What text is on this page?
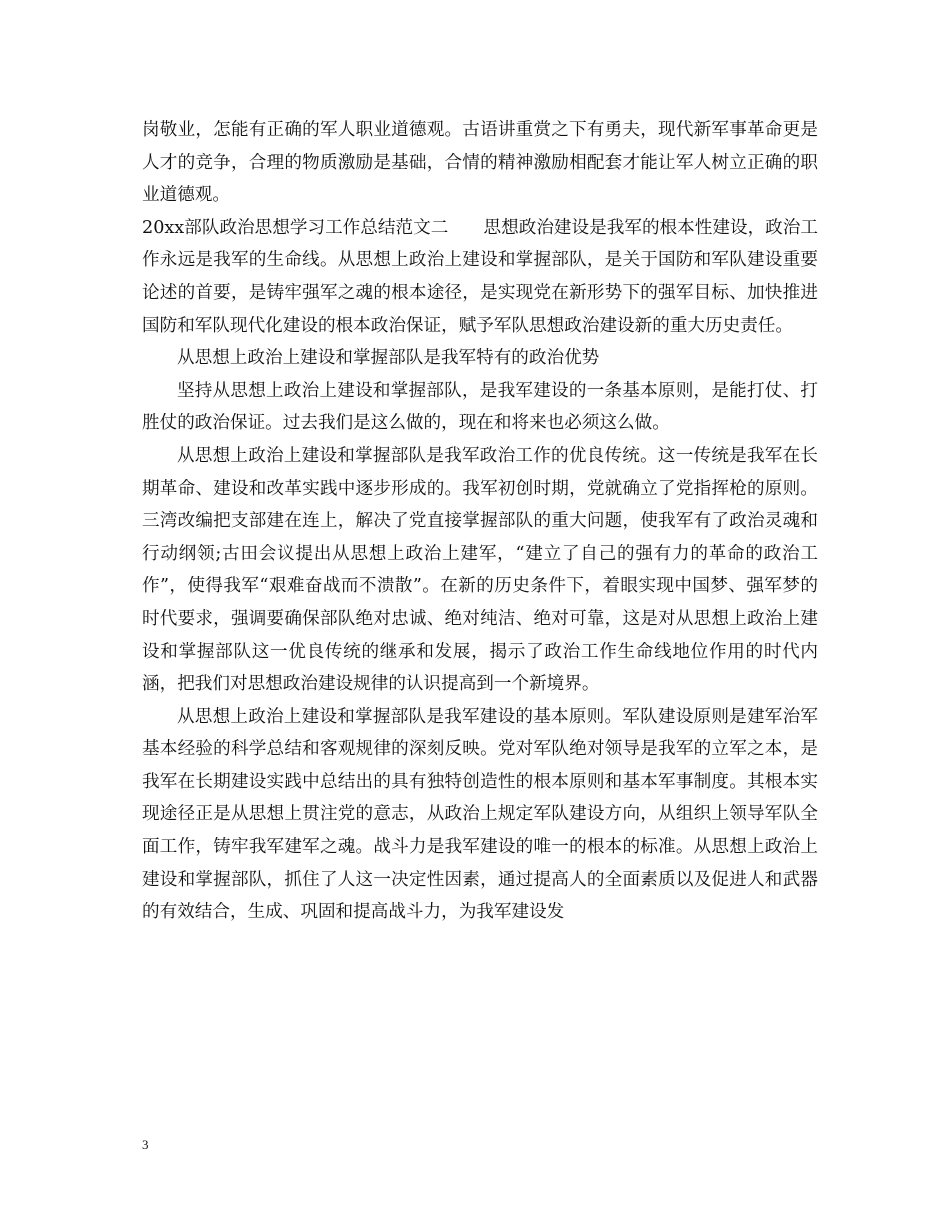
岗敬业，怎能有正确的军人职业道德观。古语讲重赏之下有勇夫，现代新军事革命更是人才的竞争，合理的物质激励是基础，合情的精神激励相配套才能让军人树立正确的职业道德观。

20xx部队政治思想学习工作总结范文二　　思想政治建设是我军的根本性建设，政治工作永远是我军的生命线。从思想上政治上建设和掌握部队，是关于国防和军队建设重要论述的首要，是铸牢强军之魂的根本途径，是实现党在新形势下的强军目标、加快推进国防和军队现代化建设的根本政治保证，赋予军队思想政治建设新的重大历史责任。

从思想上政治上建设和掌握部队是我军特有的政治优势

坚持从思想上政治上建设和掌握部队，是我军建设的一条基本原则，是能打仗、打胜仗的政治保证。过去我们是这么做的，现在和将来也必须这么做。

从思想上政治上建设和掌握部队是我军政治工作的优良传统。这一传统是我军在长期革命、建设和改革实践中逐步形成的。我军初创时期，党就确立了党指挥枪的原则。三湾改编把支部建在连上，解决了党直接掌握部队的重大问题，使我军有了政治灵魂和行动纲领;古田会议提出从思想上政治上建军，“建立了自己的强有力的革命的政治工作”，使得我军“艰难奋战而不溃散”。在新的历史条件下，着眼实现中国梦、强军梦的时代要求，强调要确保部队绝对忠诚、绝对纯洁、绝对可靠，这是对从思想上政治上建设和掌握部队这一优良传统的继承和发展，揭示了政治工作生命线地位作用的时代内涵，把我们对思想政治建设规律的认识提高到一个新境界。

从思想上政治上建设和掌握部队是我军建设的基本原则。军队建设原则是建军治军基本经验的科学总结和客观规律的深刻反映。党对军队绝对领导是我军的立军之本，是我军在长期建设实践中总结出的具有独特创造性的根本原则和基本军事制度。其根本实现途径正是从思想上贯注党的意志，从政治上规定军队建设方向，从组织上领导军队全面工作，铸牢我军建军之魂。战斗力是我军建设的唯一的根本的标准。从思想上政治上建设和掌握部队，抓住了人这一决定性因素，通过提高人的全面素质以及促进人和武器的有效结合，生成、巩固和提高战斗力，为我军建设发

3
